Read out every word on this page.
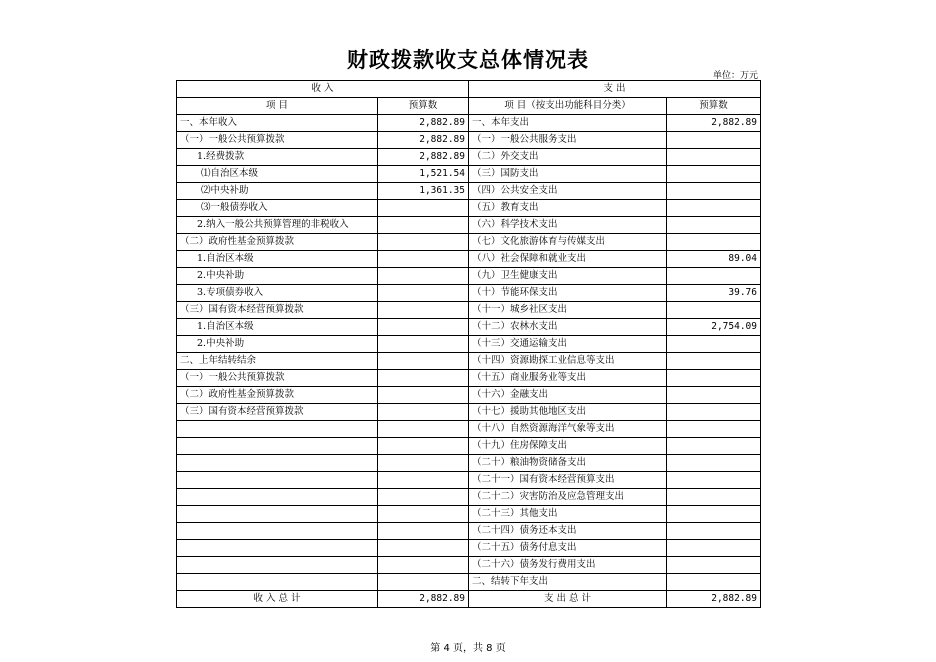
财政拨款收支总体情况表
单位：万元
收 入		支 出	
项 目	预算数	项 目（按支出功能科目分类）	预算数
一、本年收入	2,882.89	一、本年支出	2,882.89
（一）一般公共预算拨款	2,882.89	（一）一般公共服务支出	
1.经费拨款	2,882.89	（二）外交支出	
⑴自治区本级	1,521.54	（三）国防支出	
⑵中央补助	1,361.35	（四）公共安全支出	
⑶一般债券收入		（五）教育支出	
2.纳入一般公共预算管理的非税收入		（六）科学技术支出	
（二）政府性基金预算拨款		（七）文化旅游体育与传媒支出	
1.自治区本级		（八）社会保障和就业支出	89.04
2.中央补助		（九）卫生健康支出	
3.专项债券收入		（十）节能环保支出	39.76
（三）国有资本经营预算拨款		（十一）城乡社区支出	
1.自治区本级		（十二）农林水支出	2,754.09
2.中央补助		（十三）交通运输支出	
二、上年结转结余		（十四）资源勘探工业信息等支出	
（一）一般公共预算拨款		（十五）商业服务业等支出	
（二）政府性基金预算拨款		（十六）金融支出	
（三）国有资本经营预算拨款		（十七）援助其他地区支出	
		（十八）自然资源海洋气象等支出	
		（十九）住房保障支出	
		（二十）粮油物资储备支出	
		（二十一）国有资本经营预算支出	
		（二十二）灾害防治及应急管理支出	
		（二十三）其他支出	
		（二十四）债务还本支出	
		（二十五）债务付息支出	
		（二十六）债务发行费用支出	
		二、结转下年支出	
收 入 总 计	2,882.89	支 出 总 计	2,882.89
第 4 页，共 8 页
